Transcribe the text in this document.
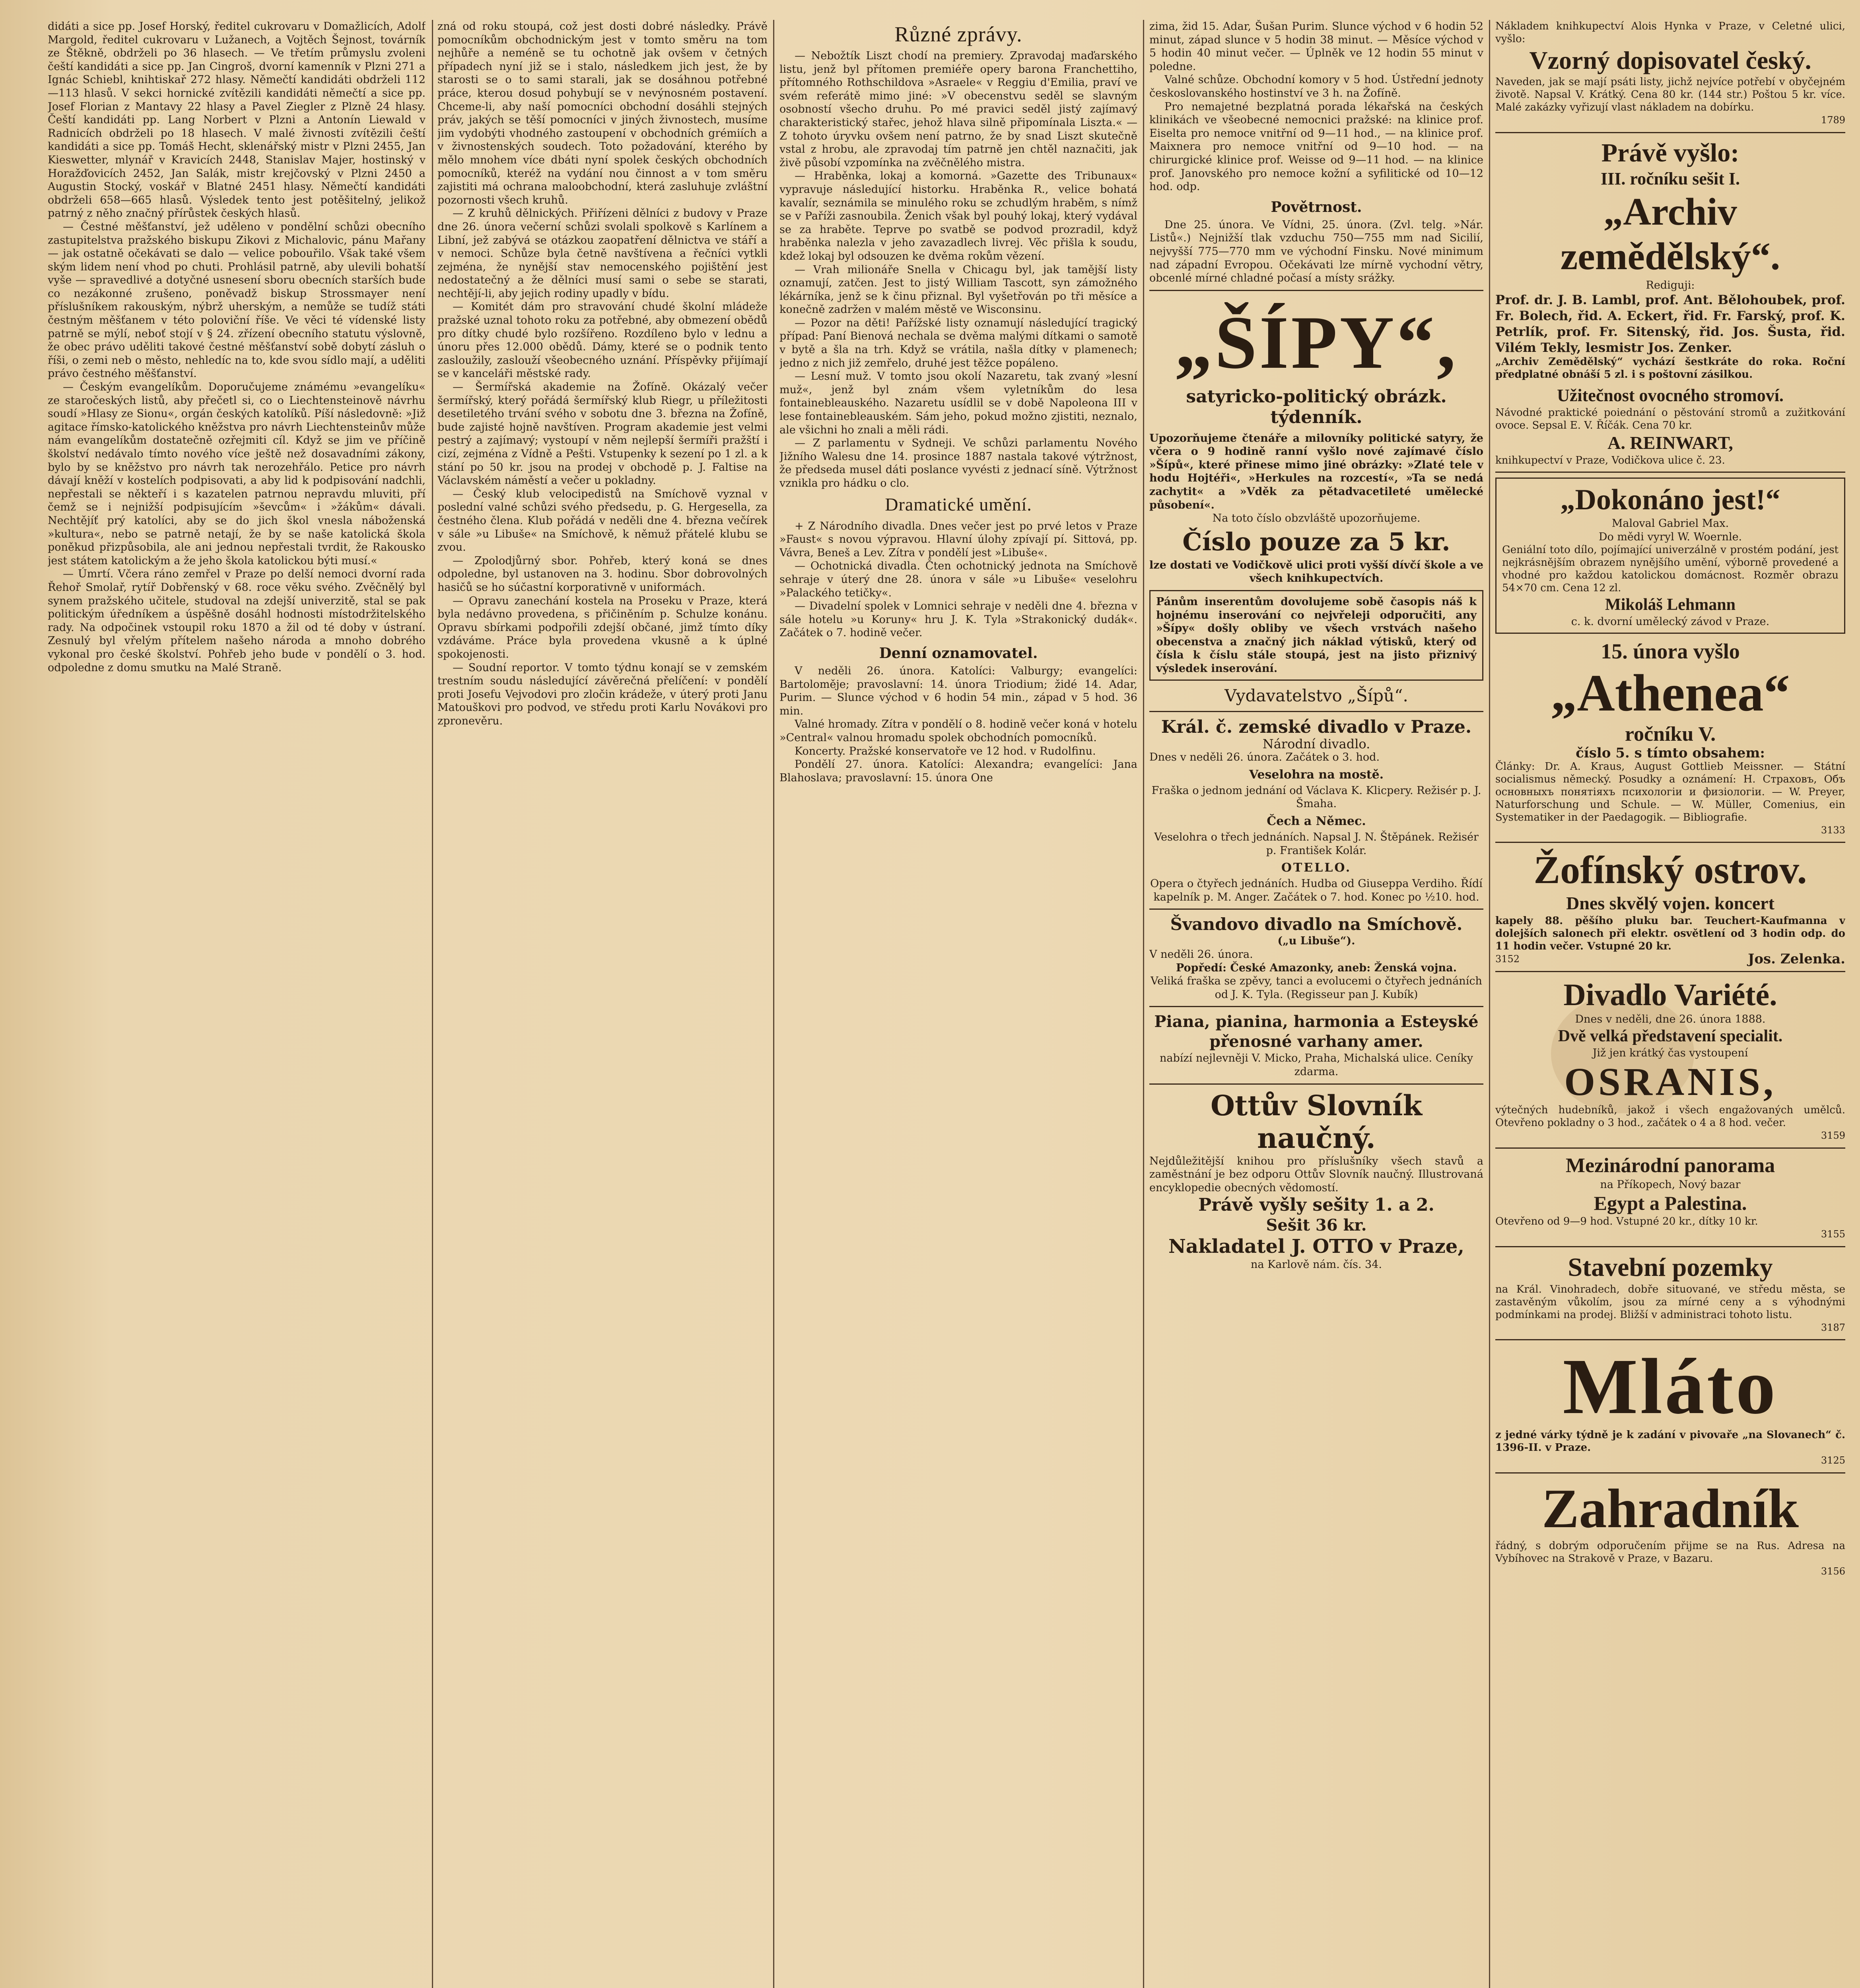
didáti a sice pp. Josef Horský, ředitel cukrovaru v Domažlicích, Adolf Margold, ředitel cukrovaru v Lužanech, a Vojtěch Šejnost, továrník ze Štěkně, obdrželi po 36 hlasech. — Ve třetím průmyslu zvoleni čeští kandidáti a sice pp. Jan Cingroš, dvorní kamenník v Plzni 271 a Ignác Schiebl, knihtiskař 272 hlasy. Němečtí kandidáti obdrželi 112—113 hlasů. V sekci hornické zvítězili kandidáti němečtí a sice pp. Josef Florian z Mantavy 22 hlasy a Pavel Ziegler z Plzně 24 hlasy. Čeští kandidáti pp. Lang Norbert v Plzni a Antonín Liewald v Radnicích obdrželi po 18 hlasech. V malé živnosti zvítězili čeští kandidáti a sice pp. Tomáš Hecht, sklenářský mistr v Plzni 2455, Jan Kieswetter, mlynář v Kravicích 2448, Stanislav Majer, hostinský v Horažďovicích 2452, Jan Salák, mistr krejčovský v Plzni 2450 a Augustin Stocký, voskář v Blatné 2451 hlasy. Němečtí kandidáti obdrželi 658—665 hlasů. Výsledek tento jest potěšitelný, jelikož patrný z něho značný přírůstek českých hlasů.

— Čestné měšťanství, jež uděleno v pondělní schůzi obecního zastupitelstva pražského biskupu Zikovi z Michalovic, pánu Mařany — jak ostatně očekávati se dalo — velice pobouřilo. Však také všem ským lidem není vhod po chuti. Prohlásil patrně, aby ulevili bohatší vyše — spravedlivé a dotyčné usnesení sboru obecních starších bude co nezákonné zrušeno, poněvadž biskup Strossmayer není příslušníkem rakouským, nýbrž uherským, a nemůže se tudíž státi čestným měšťanem v této poloviční říše. Ve věci té vídenské listy patrně se mýlí, neboť stojí v § 24. zřízení obecního statutu výslovně, že obec právo uděliti takové čestné měšťanství sobě dobytí zásluh o říši, o zemi neb o město, nehledíc na to, kde svou sídlo mají, a uděliti právo čestného měšťanství.

— Českým evangelíkům. Doporučujeme známému »evangelíku« ze staročeských listů, aby přečetl si, co o Liechtensteinově návrhu soudí »Hlasy ze Sionu«, orgán českých katolíků. Píší následovně: »Již agitace římsko-katolického kněžstva pro návrh Liechtensteinův může nám evangelíkům dostatečně ozřejmiti cíl. Když se jim ve příčině školství nedávalo tímto nového více ještě než dosavadními zákony, bylo by se kněžstvo pro návrh tak nerozehřálo. Petice pro návrh dávají kněží v kostelích podpisovati, a aby lid k podpisování nadchli, nepřestali se někteří i s kazatelen patrnou nepravdu mluviti, pří čemž se i nejnižší podpisujícím »ševcům« i »žákům« dávali. Nechtějíť prý katolíci, aby se do jich škol vnesla náboženská »kultura«, nebo se patrně netají, že by se naše katolická škola poněkud přizpůsobila, ale ani jednou nepřestali tvrdit, že Rakousko jest státem katolickým a že jeho škola katolickou býti musí.«

— Úmrtí. Včera ráno zemřel v Praze po delší nemoci dvorní rada Řehoř Smolař, rytíř Dobřenský v 68. roce věku svého. Zvěčnělý byl synem pražského učitele, studoval na zdejší univerzitě, stal se pak politickým úředníkem a úspěšně dosáhl hodnosti místodržitelského rady. Na odpočinek vstoupil roku 1870 a žil od té doby v ústraní. Zesnulý byl vřelým přítelem našeho národa a mnoho dobrého vykonal pro české školství. Pohřeb jeho bude v pondělí o 3. hod. odpoledne z domu smutku na Malé Straně.

zná od roku stoupá, což jest dosti dobré následky. Právě pomocníkům obchodnickým jest v tomto směru na tom nejhůře a neméně se tu ochotně jak ovšem v četných případech nyní již se i stalo, následkem jich jest, že by starosti se o to sami starali, jak se dosáhnou potřebné práce, kterou dosud pohybují se v nevýnosném postavení. Chceme-li, aby naší pomocníci obchodní dosáhli stejných práv, jakých se těší pomocníci v jiných živnostech, musíme jim vydobýti vhodného zastoupení v obchodních grémiích a v živnostenských soudech. Toto požadování, kterého by mělo mnohem více dbáti nyní spolek českých obchodních pomocníků, kteréž na vydání nou činnost a v tom směru zajistiti má ochrana maloobchodní, která zasluhuje zvláštní pozornosti všech kruhů.

— Z kruhů dělnických. Přiřízeni dělníci z budovy v Praze dne 26. února večerní schůzi svolali spolkově s Karlínem a Libní, jež zabývá se otázkou zaopatření dělnictva ve stáří a v nemoci. Schůze byla četně navštívena a řečníci vytkli zejména, že nynější stav nemocenského pojištění jest nedostatečný a že dělníci musí sami o sebe se starati, nechtějí-li, aby jejich rodiny upadly v bídu.

— Komitét dám pro stravování chudé školní mládeže pražské uznal tohoto roku za potřebné, aby obmezení obědů pro dítky chudé bylo rozšířeno. Rozdíleno bylo v lednu a únoru přes 12.000 obědů. Dámy, které se o podnik tento zasloužily, zaslouží všeobecného uznání. Příspěvky přijímají se v kanceláři městské rady.

— Šermířská akademie na Žofíně. Okázalý večer šermířský, který pořádá šermířský klub Riegr, u příležitosti desetiletého trvání svého v sobotu dne 3. března na Žofíně, bude zajisté hojně navštíven. Program akademie jest velmi pestrý a zajímavý; vystoupí v něm nejlepší šermíři pražští i cizí, zejména z Vídně a Pešti. Vstupenky k sezení po 1 zl. a k stání po 50 kr. jsou na prodej v obchodě p. J. Faltise na Václavském náměstí a večer u pokladny.

— Český klub velocipedistů na Smíchově vyznal v poslední valné schůzi svého předsedu, p. G. Hergesella, za čestného člena. Klub pořádá v neděli dne 4. března večírek v sále »u Libuše« na Smíchově, k němuž přátelé klubu se zvou.

— Zpolodjůrný sbor. Pohřeb, který koná se dnes odpoledne, byl ustanoven na 3. hodinu. Sbor dobrovolných hasičů se ho súčastní korporativně v uniformách.

— Opravu zanechání kostela na Proseku v Praze, která byla nedávno provedena, s přičiněním p. Schulze konánu. Opravu sbírkami podpořili zdejší občané, jimž tímto díky vzdáváme. Práce byla provedena vkusně a k úplné spokojenosti.

— Soudní reportor. V tomto týdnu konají se v zemském trestním soudu následující závěrečná přelíčení: v pondělí proti Josefu Vejvodovi pro zločin krádeže, v úterý proti Janu Matouškovi pro podvod, ve středu proti Karlu Novákovi pro zpronevěru.

Různé zprávy.

— Nebožtík Liszt chodí na premiery. Zpravodaj maďarského listu, jenž byl přítomen premiéře opery barona Franchettiho, přítomného Rothschildova »Asraele« v Reggiu d'Emilia, praví ve svém referátě mimo jiné: »V obecenstvu seděl se slavným osobností všecho druhu. Po mé pravici seděl jistý zajímavý charakteristický stařec, jehož hlava silně připomínala Liszta.« — Z tohoto úryvku ovšem není patrno, že by snad Liszt skutečně vstal z hrobu, ale zpravodaj tím patrně jen chtěl naznačiti, jak živě působí vzpomínka na zvěčnělého mistra.

— Hraběnka, lokaj a komorná. »Gazette des Tribunaux« vypravuje následující historku. Hraběnka R., velice bohatá kavalír, seznámila se minulého roku se zchudlým hraběm, s nímž se v Paříži zasnoubila. Ženich však byl pouhý lokaj, který vydával se za hraběte. Teprve po svatbě se podvod prozradil, když hraběnka nalezla v jeho zavazadlech livrej. Věc přišla k soudu, kdež lokaj byl odsouzen ke dvěma rokům vězení.

— Vrah milionáře Snella v Chicagu byl, jak tamější listy oznamují, zatčen. Jest to jistý William Tascott, syn zámožného lékárníka, jenž se k činu přiznal. Byl vyšetřován po tři měsíce a konečně zadržen v malém městě ve Wisconsinu.

— Pozor na děti! Pařížské listy oznamují následující tragický případ: Paní Bienová nechala se dvěma malými dítkami o samotě v bytě a šla na trh. Když se vrátila, našla dítky v plamenech; jedno z nich již zemřelo, druhé jest těžce popáleno.

— Lesní muž. V tomto jsou okolí Nazaretu, tak zvaný »lesní muž«, jenž byl znám všem vyletníkům do lesa fontainebleauského. Nazaretu usídlil se v době Napoleona III v lese fontainebleauském. Sám jeho, pokud možno zjistiti, neznalo, ale všichni ho znali a měli rádi.

— Z parlamentu v Sydneji. Ve schůzi parlamentu Nového Jižního Walesu dne 14. prosince 1887 nastala takové výtržnost, že předseda musel dáti poslance vyvésti z jednací síně. Výtržnost vznikla pro hádku o clo.

Dramatické umění.

+ Z Národního divadla. Dnes večer jest po prvé letos v Praze »Faust« s novou výpravou. Hlavní úlohy zpívají pí. Sittová, pp. Vávra, Beneš a Lev. Zítra v pondělí jest »Libuše«.

— Ochotnická divadla. Čten ochotnický jednota na Smíchově sehraje v úterý dne 28. února v sále »u Libuše« veselohru »Palackého tetičky«.

— Divadelní spolek v Lomnici sehraje v neděli dne 4. března v sále hotelu »u Koruny« hru J. K. Tyla »Strakonický dudák«. Začátek o 7. hodině večer.

Denní oznamovatel.

V neděli 26. února. Katolíci: Valburgy; evangelíci: Bartoloměje; pravoslavní: 14. února Triodium; židé 14. Adar, Purim. — Slunce východ v 6 hodin 54 min., západ v 5 hod. 36 min.

Valné hromady. Zítra v pondělí o 8. hodině večer koná v hotelu »Central« valnou hromadu spolek obchodních pomocníků.

Koncerty. Pražské konservatoře ve 12 hod. v Rudolfinu.

Pondělí 27. února. Katolíci: Alexandra; evangelíci: Jana Blahoslava; pravoslavní: 15. února One

zima, žid 15. Adar, Šušan Purim. Slunce východ v 6 hodin 52 minut, západ slunce v 5 hodin 38 minut. — Měsíce východ v 5 hodin 40 minut večer. — Úplněk ve 12 hodin 55 minut v poledne.

Valné schůze. Obchodní komory v 5 hod. Ústřední jednoty českoslovanského hostinství ve 3 h. na Žofíně.

Pro nemajetné bezplatná porada lékařská na českých klinikách ve všeobecné nemocnici pražské: na klinice prof. Eiselta pro nemoce vnitřní od 9—11 hod., — na klinice prof. Maixnera pro nemoce vnitřní od 9—10 hod. — na chirurgické klinice prof. Weisse od 9—11 hod. — na klinice prof. Janovského pro nemoce kožní a syfilitické od 10—12 hod. odp.

Povětrnost.

Dne 25. února. Ve Vídni, 25. února. (Zvl. telg. »Nár. Listů«.) Nejnižší tlak vzduchu 750—755 mm nad Sicilií, nejvyšší 775—770 mm ve východní Finsku. Nové minimum nad západní Evropou. Očekávati lze mírně vychodní větry, obcenlé mírné chladné počasí a místy srážky.

„ŠÍPY“,
satyricko-politický obrázk. týdenník.

Upozorňujeme čtenáře a milovníky politické satyry, že včera o 9 hodině ranní vyšlo nové zajímavé číslo »Šípů«, které přinese mimo jiné obrázky: »Zlaté tele v hodu Hojtéři«, »Herkules na rozcestí«, »Ta se nedá zachytit« a »Vděk za pětadvacetileté umělecké působení«.

Na toto číslo obzvláště upozorňujeme.

Číslo pouze za 5 kr.

lze dostati ve Vodičkově ulici proti vyšší dívčí škole a ve všech knihkupectvích.

Pánům inserentům dovolujeme sobě časopis náš k hojnému inserování co nejvřeleji odporučiti, any »Šípy« došly obliby ve všech vrstvách našeho obecenstva a značný jich náklad výtisků, který od čísla k číslu stále stoupá, jest na jisto přiznivý výsledek inserování.

Vydavatelstvo „Šípů“.
Král. č. zemské divadlo v Praze.
Národní divadlo.

Dnes v neděli 26. února. Začátek o 3. hod.

Veselohra na mostě.

Fraška o jednom jednání od Václava K. Klicpery. Režisér p. J. Šmaha.

Čech a Němec.

Veselohra o třech jednáních. Napsal J. N. Štěpánek. Režisér p. František Kolár.

OTELLO.

Opera o čtyřech jednáních. Hudba od Giuseppa Verdiho. Řídí kapelník p. M. Anger. Začátek o 7. hod. Konec po ½10. hod.

Švandovo divadlo na Smíchově.
(„u Libuše“).

V neděli 26. února.

Popředí: České Amazonky, aneb: Ženská vojna.

Veliká fraška se zpěvy, tanci a evolucemi o čtyřech jednáních od J. K. Tyla. (Regisseur pan J. Kubík)

Piana, pianina, harmonia a Esteyské přenosné varhany amer.

nabízí nejlevněji V. Micko, Praha, Michalská ulice. Ceníky zdarma.

Ottův Slovník naučný.

Nejdůležitější knihou pro příslušníky všech stavů a zaměstnání je bez odporu Ottův Slovník naučný. Illustrovaná encyklopedie obecných vědomostí.

Právě vyšly sešity 1. a 2.
Sešit 36 kr.
Nakladatel J. OTTO v Praze,
na Karlově nám. čís. 34.

Nákladem knihkupectví Alois Hynka v Praze, v Celetné ulici, vyšlo:

Vzorný dopisovatel český.

Naveden, jak se mají psáti listy, jichž nejvíce potřebí v obyčejném životě. Napsal V. Krátký. Cena 80 kr. (144 str.) Poštou 5 kr. více. Malé zakázky vyřizují vlast nákladem na dobírku.

1789
Právě vyšlo:
III. ročníku sešit I.
„Archiv zemědělský“.
Rediguji:

Prof. dr. J. B. Lambl, prof. Ant. Bělohoubek, prof. Fr. Bolech, řid. A. Eckert, řid. Fr. Farský, prof. K. Petrlík, prof. Fr. Sitenský, řid. Jos. Šusta, řid. Vilém Tekly, lesmistr Jos. Zenker.

„Archiv Zemědělský“ vychází šestkráte do roka. Roční předplatné obnáší 5 zl. i s poštovní zásilkou.

Užitečnost ovocného stromoví.

Návodné praktické poiednání o pěstování stromů a zužitkování ovoce. Sepsal E. V. Říčák. Cena 70 kr.

A. REINWART,

knihkupectví v Praze, Vodičkova ulice č. 23.

„Dokonáno jest!“
Maloval Gabriel Max.
Do mědi vyryl W. Woernle.

Geniální toto dílo, pojímající univerzálně v prostém podání, jest nejkrásnějším obrazem nynějšího umění, výborně provedené a vhodné pro každou katolickou domácnost. Rozměr obrazu 54×70 cm. Cena 12 zl.

Mikoláš Lehmann
c. k. dvorní umělecký závod v Praze.
15. února vyšlo
„Athenea“
ročníku V.
číslo 5. s tímto obsahem:

Články: Dr. A. Kraus, August Gottlieb Meissner. — Státní socialismus německý. Posudky a oznámení: H. Страховъ, Объ основныхъ понятіяхъ психологіи и физіологіи. — W. Preyer, Naturforschung und Schule. — W. Müller, Comenius, ein Systematiker in der Paedagogik. — Bibliografie.

3133
Žofínský ostrov.
Dnes skvělý vojen. koncert

kapely 88. pěšího pluku bar. Teuchert-Kaufmanna v dolejších salonech při elektr. osvětlení od 3 hodin odp. do 11 hodin večer. Vstupné 20 kr.

3152	Jos. Zelenka.
Divadlo Variété.
Dnes v neděli, dne 26. února 1888.
Dvě velká představení specialit.
Již jen krátký čas vystoupení
OSRANIS,

výtečných hudebníků, jakož i všech engažovaných umělců. Otevřeno pokladny o 3 hod., začátek o 4 a 8 hod. večer.

3159
Mezinárodní panorama
na Příkopech, Nový bazar
Egypt a Palestina.

Otevřeno od 9—9 hod. Vstupné 20 kr., dítky 10 kr.

3155
Stavební pozemky

na Král. Vinohradech, dobře situované, ve středu města, se zastavěným vůkolím, jsou za mírné ceny a s výhodnými podmínkami na prodej. Bližší v administraci tohoto listu.

3187
Mláto

z jedné várky týdně je k zadání v pivovaře „na Slovanech“ č. 1396-II. v Praze.

3125
Zahradník

řádný, s dobrým odporučením přijme se na Rus. Adresa na Vybíhovec na Strakově v Praze, v Bazaru.

3156
